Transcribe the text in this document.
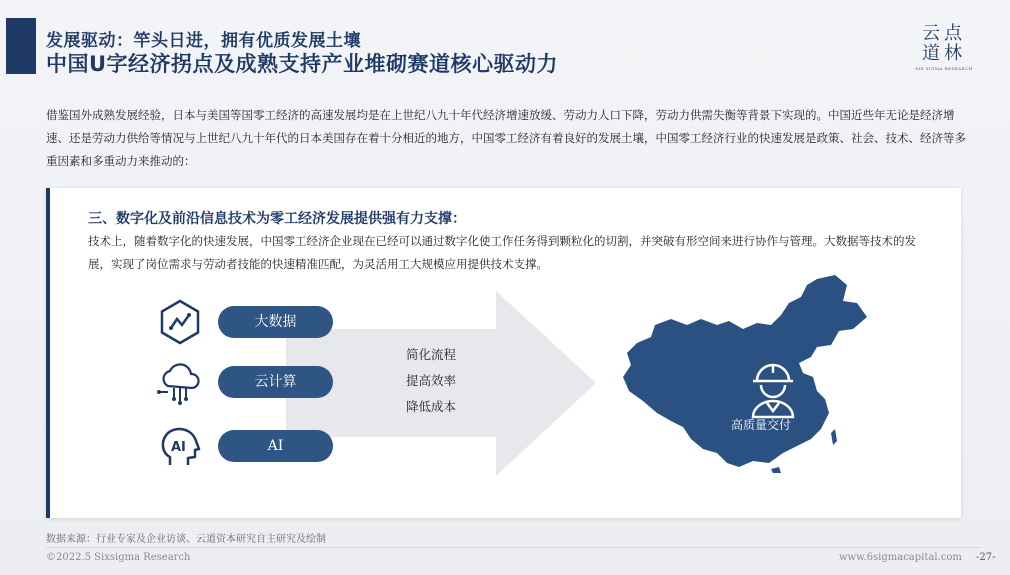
发展驱动：竿头日进，拥有优质发展土壤
中国U字经济拐点及成熟支持产业堆砌赛道核心驱动力
云点
道林
SIX SIGMA RESEARCH
借鉴国外成熟发展经验，日本与美国等国零工经济的高速发展均是在上世纪八九十年代经济增速放缓、劳动力人口下降，劳动力供需失衡等背景下实现的。中国近些年无论是经济增速、还是劳动力供给等情况与上世纪八九十年代的日本美国存在着十分相近的地方，中国零工经济有着良好的发展土壤，中国零工经济行业的快速发展是政策、社会、技术、经济等多重因素和多重动力来推动的：
三、数字化及前沿信息技术为零工经济发展提供强有力支撑：
技术上，随着数字化的快速发展，中国零工经济企业现在已经可以通过数字化使工作任务得到颗粒化的切割，并突破有形空间来进行协作与管理。大数据等技术的发展，实现了岗位需求与劳动者技能的快速精准匹配，为灵活用工大规模应用提供技术支撑。
简化流程
提高效率
降低成本
AI
大数据
云计算
AI
高质量交付
数据来源：行业专家及企业访谈、云道资本研究自主研究及绘制
©2022.5 Sixsigma Research	www.6sigmacapital.com -27-
